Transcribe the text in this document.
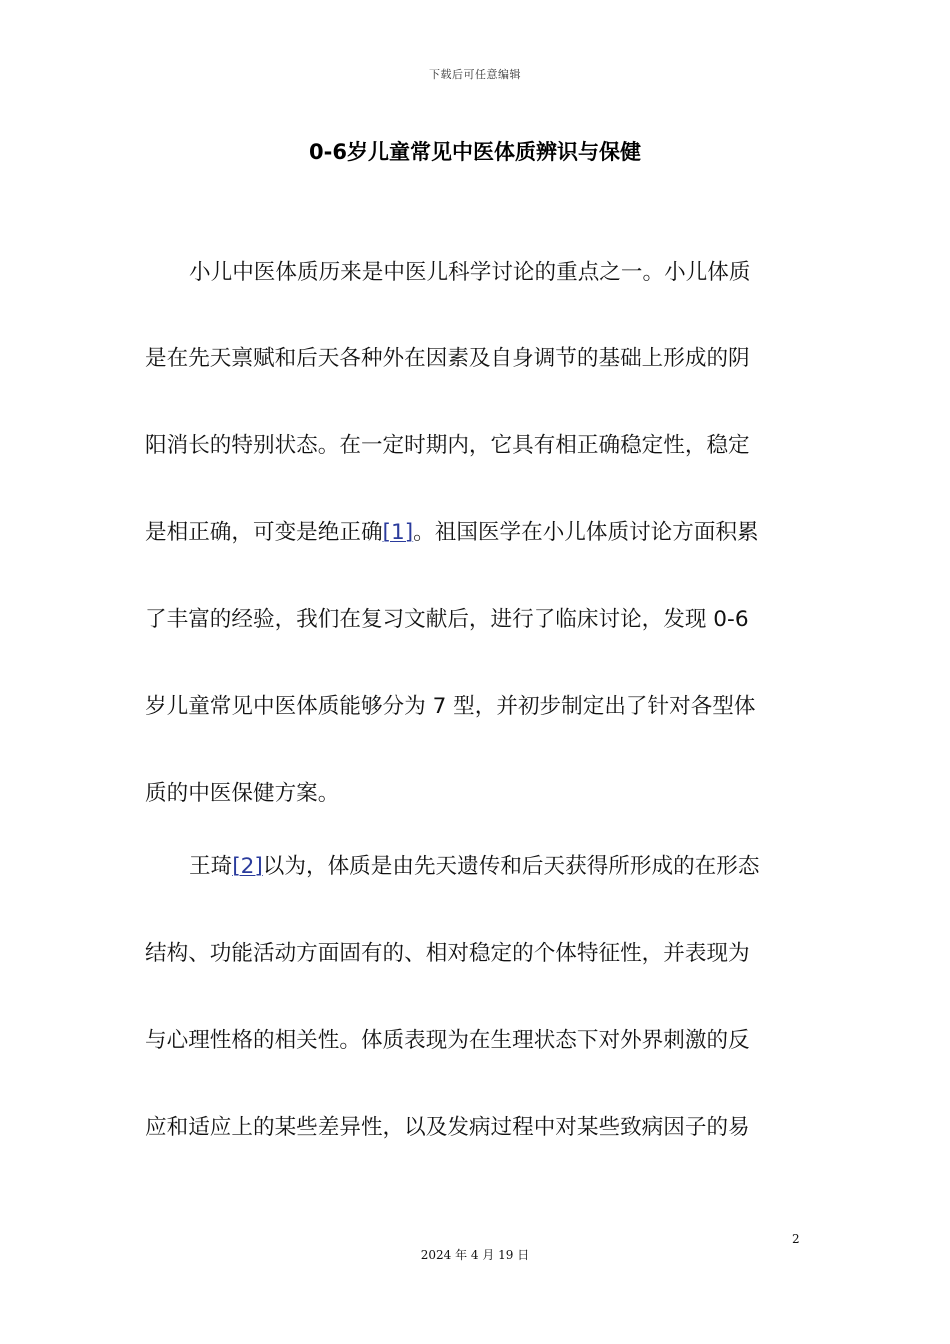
下载后可任意编辑
0-6岁儿童常见中医体质辨识与保健
小儿中医体质历来是中医儿科学讨论的重点之一。小儿体质
是在先天禀赋和后天各种外在因素及自身调节的基础上形成的阴
阳消长的特别状态。在一定时期内，它具有相正确稳定性，稳定
是相正确，可变是绝正确[1]。祖国医学在小儿体质讨论方面积累
了丰富的经验，我们在复习文献后，进行了临床讨论，发现 0-6
岁儿童常见中医体质能够分为 7 型，并初步制定出了针对各型体
质的中医保健方案。
王琦[2]以为，体质是由先天遗传和后天获得所形成的在形态
结构、功能活动方面固有的、相对稳定的个体特征性，并表现为
与心理性格的相关性。体质表现为在生理状态下对外界刺激的反
应和适应上的某些差异性，以及发病过程中对某些致病因子的易
2
2024 年 4 月 19 日
